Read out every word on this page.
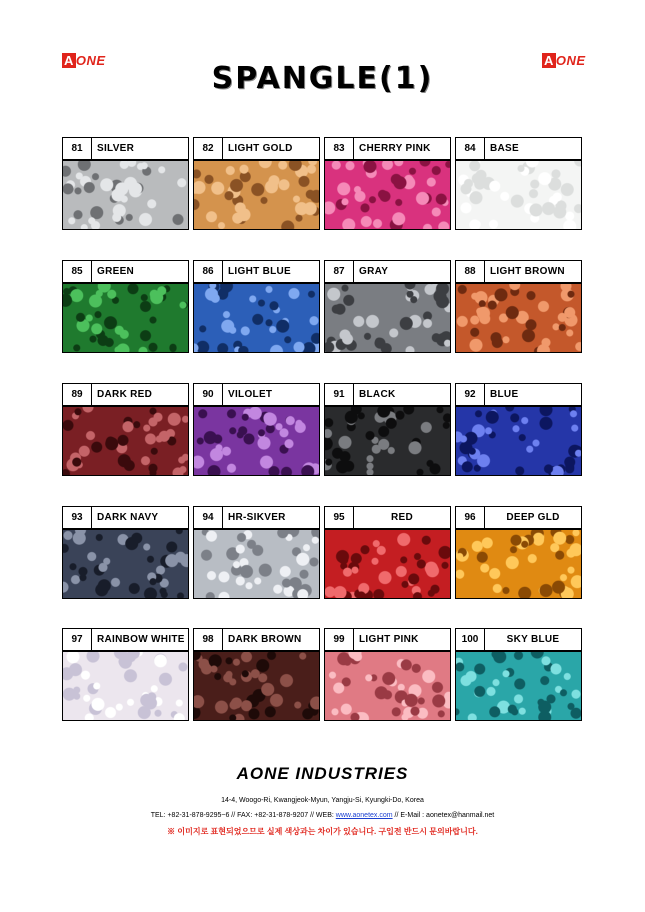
A ONE	A ONE
SPANGLE(1)
81	SILVER	82	LIGHT GOLD	83	CHERRY PINK	84	BASE
85	GREEN	86	LIGHT BLUE	87	GRAY	88	LIGHT BROWN
89	DARK RED	90	VILOLET	91	BLACK	92	BLUE
93	DARK NAVY	94	HR-SIKVER	95	RED	96	DEEP GLD
97	RAINBOW WHITE	98	DARK BROWN	99	LIGHT PINK	100	SKY BLUE
AONE INDUSTRIES
14-4, Woogo-Ri, Kwangjeok-Myun, Yangju-Si, Kyungki-Do, Korea
TEL: +82-31-878-9295~6 // FAX: +82-31-878-9207 // WEB: www.aonetex.com // E-Mail : aonetex@hanmail.net
※ 이미지로 표현되었으므로 실제 색상과는 차이가 있습니다. 구입전 반드시 문의바랍니다.
